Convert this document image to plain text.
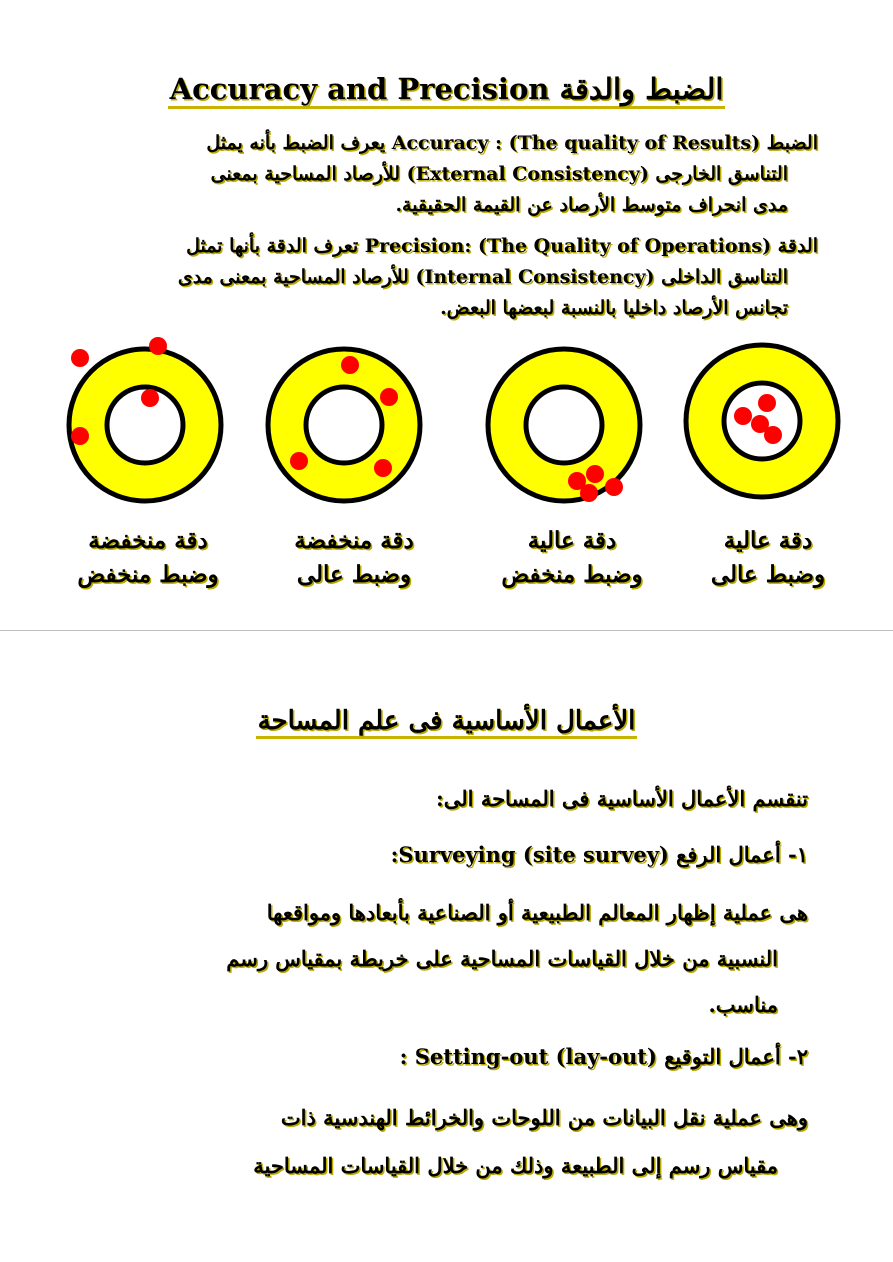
Accuracy and Precision الضبط والدقة
الضبط Accuracy : (The quality of Results) يعرف الضبط بأنه يمثل
التناسق الخارجى (External Consistency) للأرصاد المساحية بمعنى
مدى انحراف متوسط الأرصاد عن القيمة الحقيقية.
الدقة Precision: (The Quality of Operations) تعرف الدقة بأنها تمثل
التناسق الداخلى (Internal Consistency) للأرصاد المساحية بمعنى مدى
تجانس الأرصاد داخليا بالنسبة لبعضها البعض.
دقة عالية
وضبط عالى
دقة عالية
وضبط منخفض
دقة منخفضة
وضبط عالى
دقة منخفضة
وضبط منخفض
الأعمال الأساسية فى علم المساحة
تنقسم الأعمال الأساسية فى المساحة الى:
١- أعمال الرفع (Surveying (site survey:
هى عملية إظهار المعالم الطبيعية أو الصناعية بأبعادها ومواقعها
النسبية من خلال القياسات المساحية على خريطة بمقياس رسم
مناسب.
٢- أعمال التوقيع (Setting-out (lay-out :
وهى عملية نقل البيانات من اللوحات والخرائط الهندسية ذات
مقياس رسم إلى الطبيعة وذلك من خلال القياسات المساحية
